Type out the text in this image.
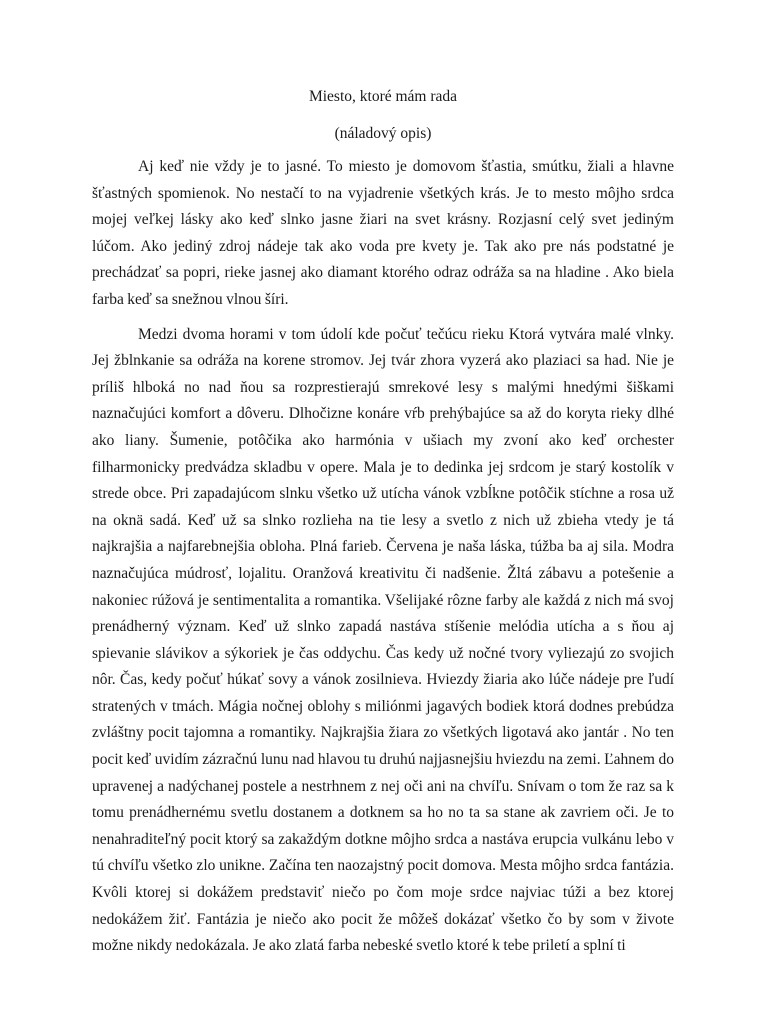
Miesto, ktoré mám rada
(náladový opis)

Aj keď nie vždy je to jasné. To miesto je domovom šťastia, smútku, žiali a hlavne šťastných spomienok. No nestačí to na vyjadrenie všetkých krás. Je to mesto môjho srdca mojej veľkej lásky ako keď slnko jasne žiari na svet krásny. Rozjasní celý svet jediným lúčom. Ako jediný zdroj nádeje tak ako voda pre kvety je. Tak ako pre nás podstatné je prechádzať sa popri, rieke jasnej ako diamant ktorého odraz odráža sa na hladine . Ako biela farba keď sa snežnou vlnou šíri.

Medzi dvoma horami v tom údolí kde počuť tečúcu rieku Ktorá vytvára malé vlnky. Jej žblnkanie sa odráža na korene stromov. Jej tvár zhora vyzerá ako plaziaci sa had. Nie je príliš hlboká no nad ňou sa rozprestierajú smrekové lesy s malými hnedými šiškami naznačujúci komfort a dôveru. Dlhočizne konáre vŕb prehýbajúce sa až do koryta rieky dlhé ako liany. Šumenie, potôčika ako harmónia v ušiach my zvoní ako keď orchester filharmonicky predvádza skladbu v opere. Mala je to dedinka jej srdcom je starý kostolík v strede obce. Pri zapadajúcom slnku všetko už utícha vánok vzbĺkne potôčik stíchne a rosa už na oknä sadá. Keď už sa slnko rozlieha na tie lesy a svetlo z nich už zbieha vtedy je tá najkrajšia a najfarebnejšia obloha. Plná farieb. Červena je naša láska, túžba ba aj sila. Modra naznačujúca múdrosť, lojalitu. Oranžová kreativitu či nadšenie. Žltá zábavu a potešenie a nakoniec rúžová je sentimentalita a romantika. Všelijaké rôzne farby ale každá z nich má svoj prenádherný význam. Keď už slnko zapadá nastáva stíšenie melódia utícha a s ňou aj spievanie slávikov a sýkoriek je čas oddychu. Čas kedy už nočné tvory vyliezajú zo svojich nôr. Čas, kedy počuť húkať sovy a vánok zosilnieva. Hviezdy žiaria ako lúče nádeje pre ľudí stratených v tmách. Mágia nočnej oblohy s miliónmi jagavých bodiek ktorá dodnes prebúdza zvláštny pocit tajomna a romantiky. Najkrajšia žiara zo všetkých ligotavá ako jantár . No ten pocit keď uvidím zázračnú lunu nad hlavou tu druhú najjasnejšiu hviezdu na zemi. Ľahnem do upravenej a nadýchanej postele a nestrhnem z nej oči ani na chvíľu. Snívam o tom že raz sa k tomu prenádhernému svetlu dostanem a dotknem sa ho no ta sa stane ak zavriem oči. Je to nenahraditeľný pocit ktorý sa zakaždým dotkne môjho srdca a nastáva erupcia vulkánu lebo v tú chvíľu všetko zlo unikne. Začína ten naozajstný pocit domova. Mesta môjho srdca fantázia. Kvôli ktorej si dokážem predstaviť niečo po čom moje srdce najviac túži a bez ktorej nedokážem žiť. Fantázia je niečo ako pocit že môžeš dokázať všetko čo by som v živote možne nikdy nedokázala. Je ako zlatá farba nebeské svetlo ktoré k tebe priletí a splní ti
